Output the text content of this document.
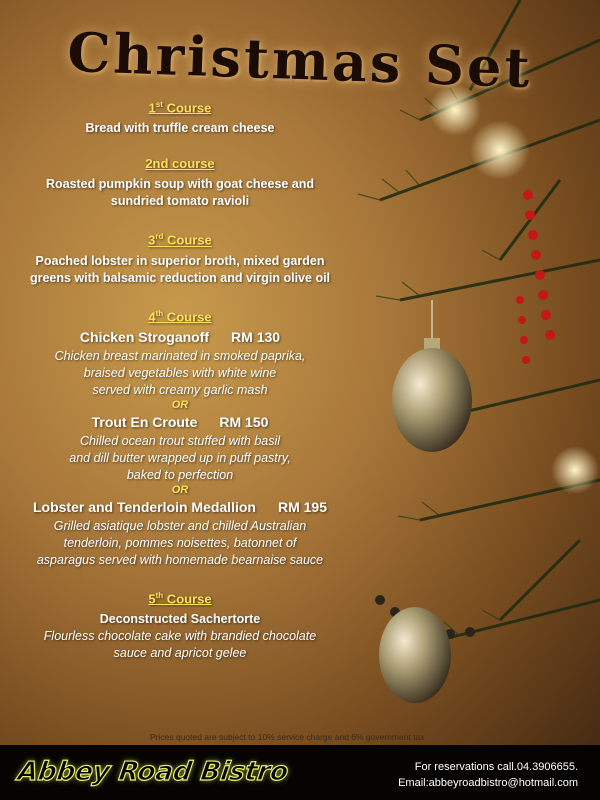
Christmas Set
1st Course
Bread with truffle cream cheese
2nd course
Roasted pumpkin soup with goat cheese and
sundried tomato ravioli
3rd Course
Poached lobster in superior broth, mixed garden
greens with balsamic reduction and virgin olive oil
4th Course
Chicken Stroganoff RM 130
Chicken breast marinated in smoked paprika,
braised vegetables with white wine
served with creamy garlic mash
OR
Trout En Croute RM 150
Chilled ocean trout stuffed with basil
and dill butter wrapped up in puff pastry,
baked to perfection
OR
Lobster and Tenderloin Medallion RM 195
Grilled asiatique lobster and chilled Australian
tenderloin, pommes noisettes, batonnet of
asparagus served with homemade bearnaise sauce
5th Course
Deconstructed Sachertorte
Flourless chocolate cake with brandied chocolate
sauce and apricot gelee
Prices quoted are subject to 10% service charge and 6% government tax
Abbey Road Bistro	For reservations call.04.3906655.
Email:abbeyroadbistro@hotmail.com
